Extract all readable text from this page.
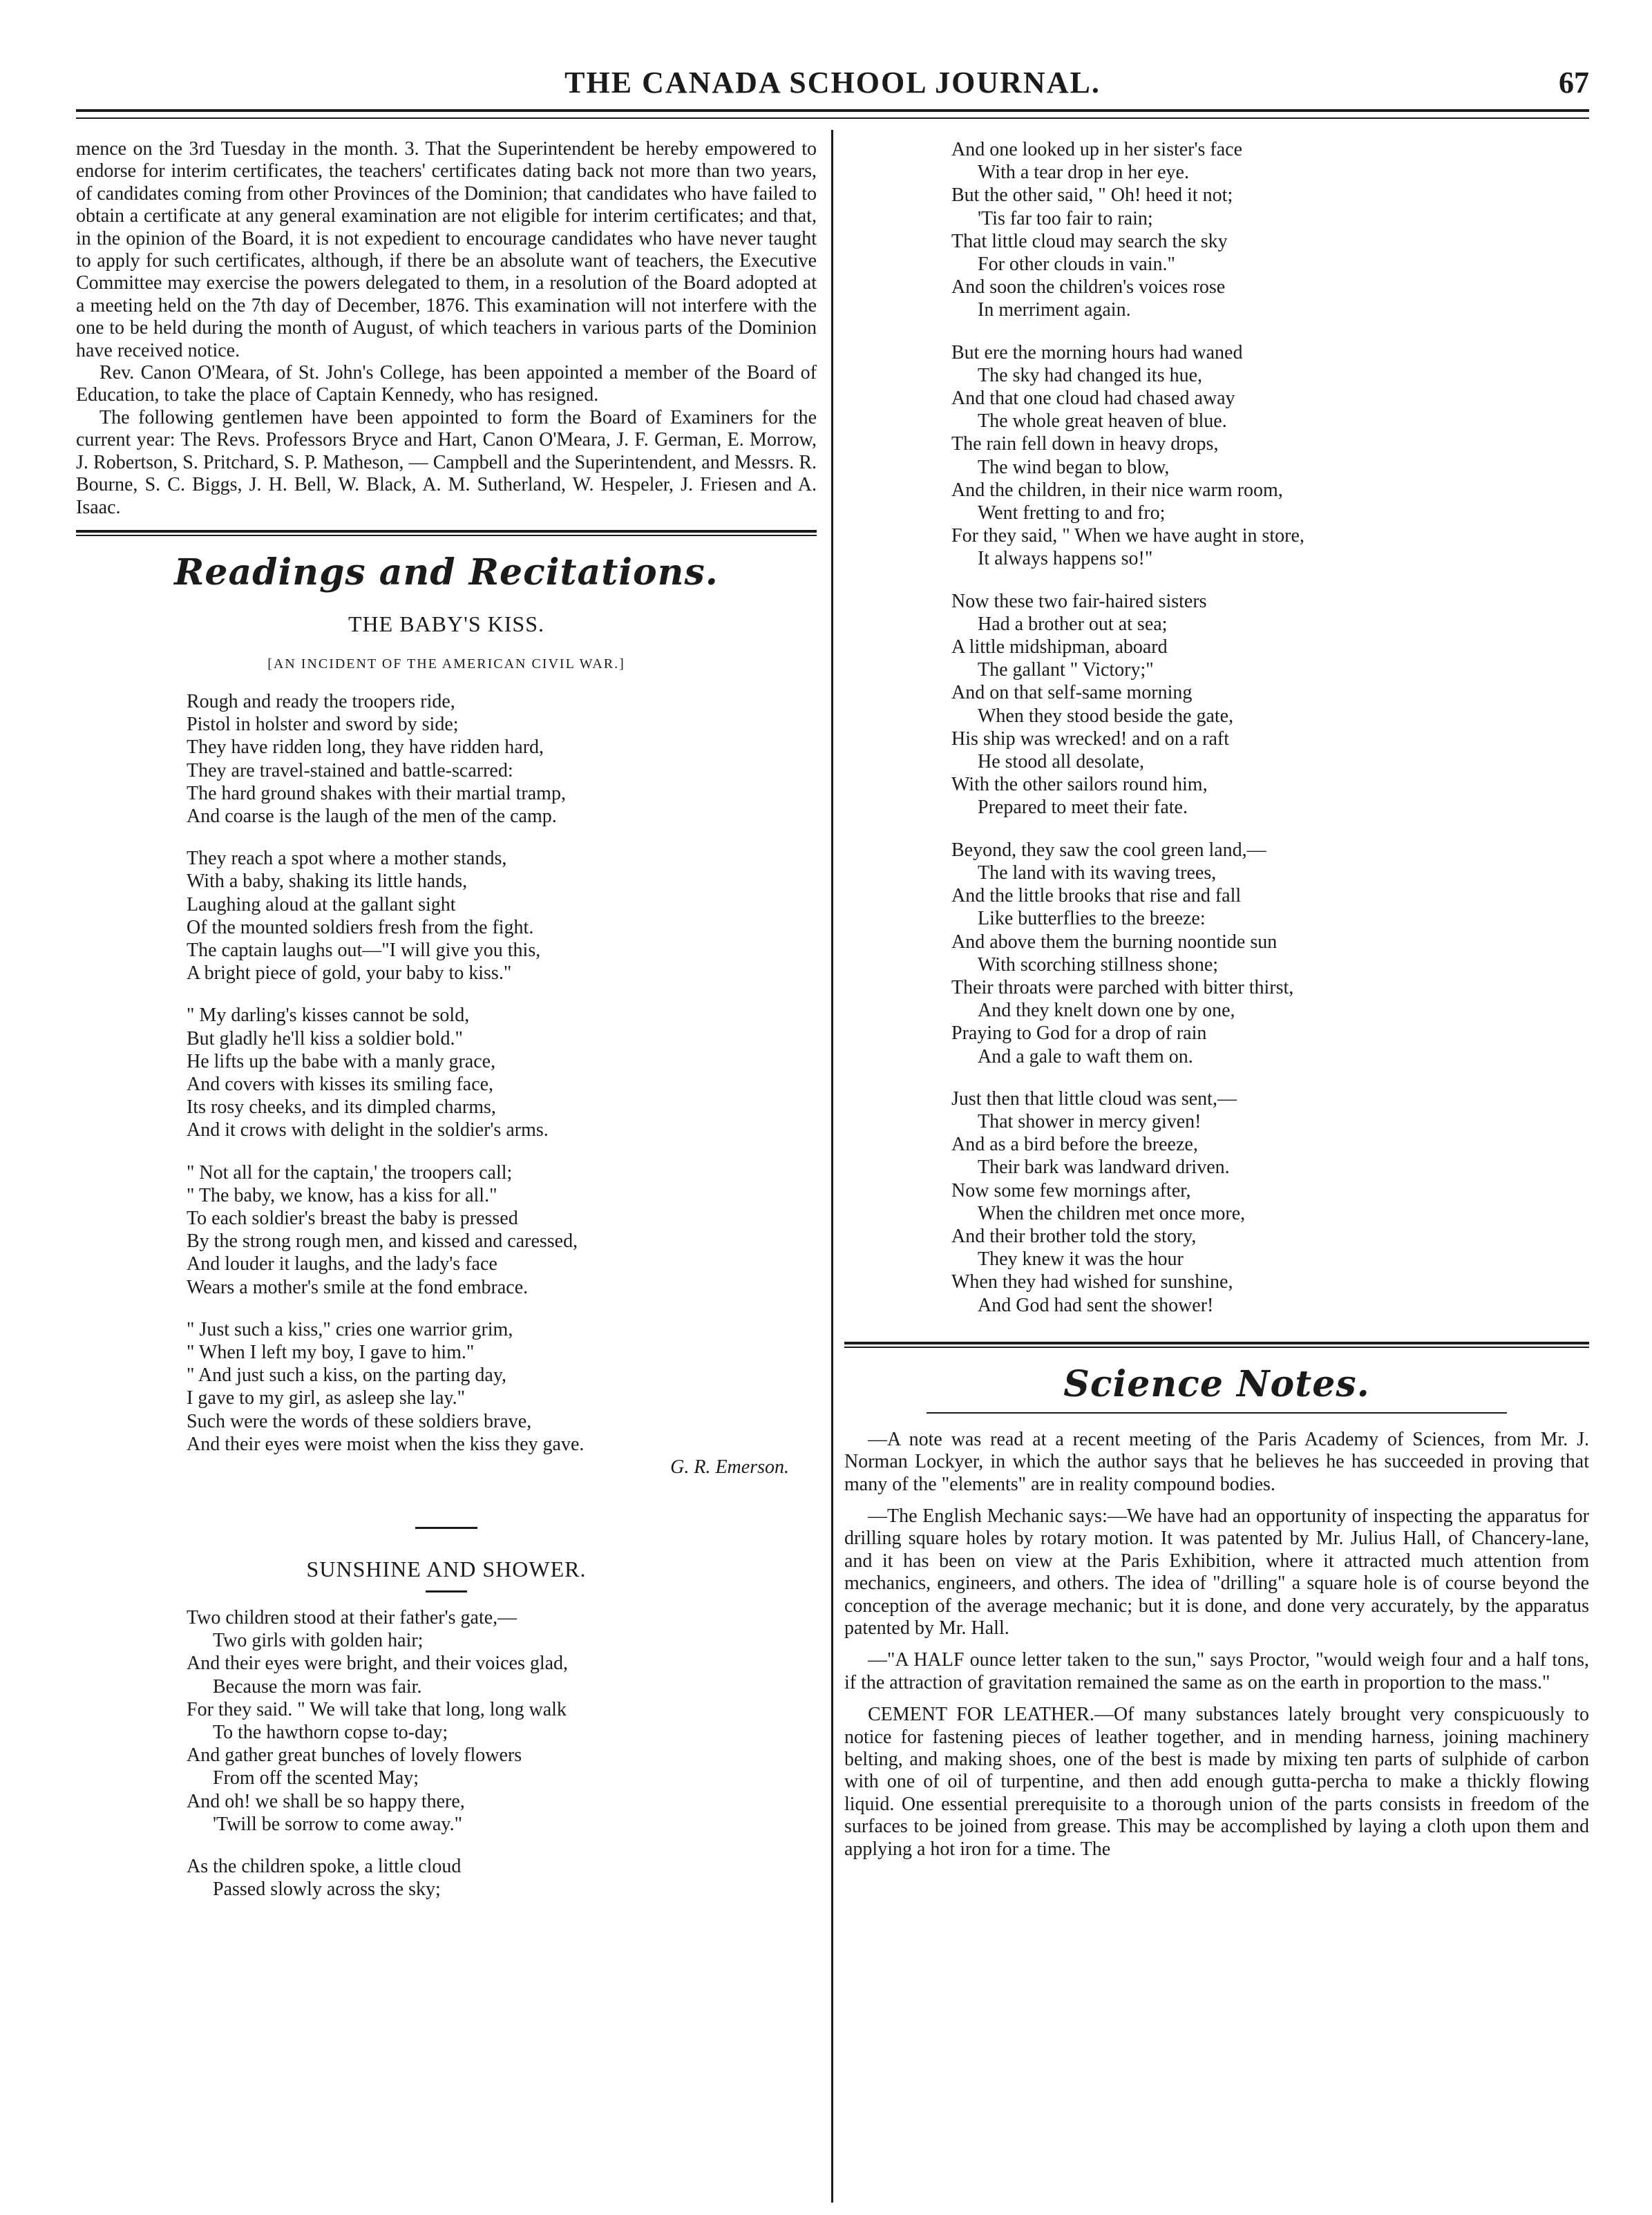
THE CANADA SCHOOL JOURNAL.	67

mence on the 3rd Tuesday in the month. 3. That the Superintendent be hereby empowered to endorse for interim certificates, the teachers' certificates dating back not more than two years, of candidates coming from other Provinces of the Dominion; that candidates who have failed to obtain a certificate at any general examination are not eligible for interim certificates; and that, in the opinion of the Board, it is not expedient to encourage candidates who have never taught to apply for such certificates, although, if there be an absolute want of teachers, the Executive Committee may exercise the powers delegated to them, in a resolution of the Board adopted at a meeting held on the 7th day of December, 1876. This examination will not interfere with the one to be held during the month of August, of which teachers in various parts of the Dominion have received notice.

Rev. Canon O'Meara, of St. John's College, has been appointed a member of the Board of Education, to take the place of Captain Kennedy, who has resigned.

The following gentlemen have been appointed to form the Board of Examiners for the current year: The Revs. Professors Bryce and Hart, Canon O'Meara, J. F. German, E. Morrow, J. Robertson, S. Pritchard, S. P. Matheson, — Campbell and the Superintendent, and Messrs. R. Bourne, S. C. Biggs, J. H. Bell, W. Black, A. M. Sutherland, W. Hespeler, J. Friesen and A. Isaac.

Readings and Recitations.
THE BABY'S KISS.
[AN INCIDENT OF THE AMERICAN CIVIL WAR.]
Rough and ready the troopers ride,
Pistol in holster and sword by side;
They have ridden long, they have ridden hard,
They are travel-stained and battle-scarred:
The hard ground shakes with their martial tramp,
And coarse is the laugh of the men of the camp.
They reach a spot where a mother stands,
With a baby, shaking its little hands,
Laughing aloud at the gallant sight
Of the mounted soldiers fresh from the fight.
The captain laughs out—"I will give you this,
A bright piece of gold, your baby to kiss."
" My darling's kisses cannot be sold,
But gladly he'll kiss a soldier bold."
He lifts up the babe with a manly grace,
And covers with kisses its smiling face,
Its rosy cheeks, and its dimpled charms,
And it crows with delight in the soldier's arms.
" Not all for the captain,' the troopers call;
" The baby, we know, has a kiss for all."
To each soldier's breast the baby is pressed
By the strong rough men, and kissed and caressed,
And louder it laughs, and the lady's face
Wears a mother's smile at the fond embrace.
" Just such a kiss," cries one warrior grim,
" When I left my boy, I gave to him."
" And just such a kiss, on the parting day,
I gave to my girl, as asleep she lay."
Such were the words of these soldiers brave,
And their eyes were moist when the kiss they gave.
G. R. Emerson.
SUNSHINE AND SHOWER.
Two children stood at their father's gate,—
Two girls with golden hair;
And their eyes were bright, and their voices glad,
Because the morn was fair.
For they said. " We will take that long, long walk
To the hawthorn copse to-day;
And gather great bunches of lovely flowers
From off the scented May;
And oh! we shall be so happy there,
'Twill be sorrow to come away."
As the children spoke, a little cloud
Passed slowly across the sky;
And one looked up in her sister's face
With a tear drop in her eye.
But the other said, " Oh! heed it not;
'Tis far too fair to rain;
That little cloud may search the sky
For other clouds in vain."
And soon the children's voices rose
In merriment again.
But ere the morning hours had waned
The sky had changed its hue,
And that one cloud had chased away
The whole great heaven of blue.
The rain fell down in heavy drops,
The wind began to blow,
And the children, in their nice warm room,
Went fretting to and fro;
For they said, " When we have aught in store,
It always happens so!"
Now these two fair-haired sisters
Had a brother out at sea;
A little midshipman, aboard
The gallant " Victory;"
And on that self-same morning
When they stood beside the gate,
His ship was wrecked! and on a raft
He stood all desolate,
With the other sailors round him,
Prepared to meet their fate.
Beyond, they saw the cool green land,—
The land with its waving trees,
And the little brooks that rise and fall
Like butterflies to the breeze:
And above them the burning noontide sun
With scorching stillness shone;
Their throats were parched with bitter thirst,
And they knelt down one by one,
Praying to God for a drop of rain
And a gale to waft them on.
Just then that little cloud was sent,—
That shower in mercy given!
And as a bird before the breeze,
Their bark was landward driven.
Now some few mornings after,
When the children met once more,
And their brother told the story,
They knew it was the hour
When they had wished for sunshine,
And God had sent the shower!
Science Notes.

—A note was read at a recent meeting of the Paris Academy of Sciences, from Mr. J. Norman Lockyer, in which the author says that he believes he has succeeded in proving that many of the "elements" are in reality compound bodies.

—The English Mechanic says:—We have had an opportunity of inspecting the apparatus for drilling square holes by rotary motion. It was patented by Mr. Julius Hall, of Chancery-lane, and it has been on view at the Paris Exhibition, where it attracted much attention from mechanics, engineers, and others. The idea of "drilling" a square hole is of course beyond the conception of the average mechanic; but it is done, and done very accurately, by the apparatus patented by Mr. Hall.

—"A HALF ounce letter taken to the sun," says Proctor, "would weigh four and a half tons, if the attraction of gravitation remained the same as on the earth in proportion to the mass."

CEMENT FOR LEATHER.—Of many substances lately brought very conspicuously to notice for fastening pieces of leather together, and in mending harness, joining machinery belting, and making shoes, one of the best is made by mixing ten parts of sulphide of carbon with one of oil of turpentine, and then add enough gutta-percha to make a thickly flowing liquid. One essential prerequisite to a thorough union of the parts consists in freedom of the surfaces to be joined from grease. This may be accomplished by laying a cloth upon them and applying a hot iron for a time. The
